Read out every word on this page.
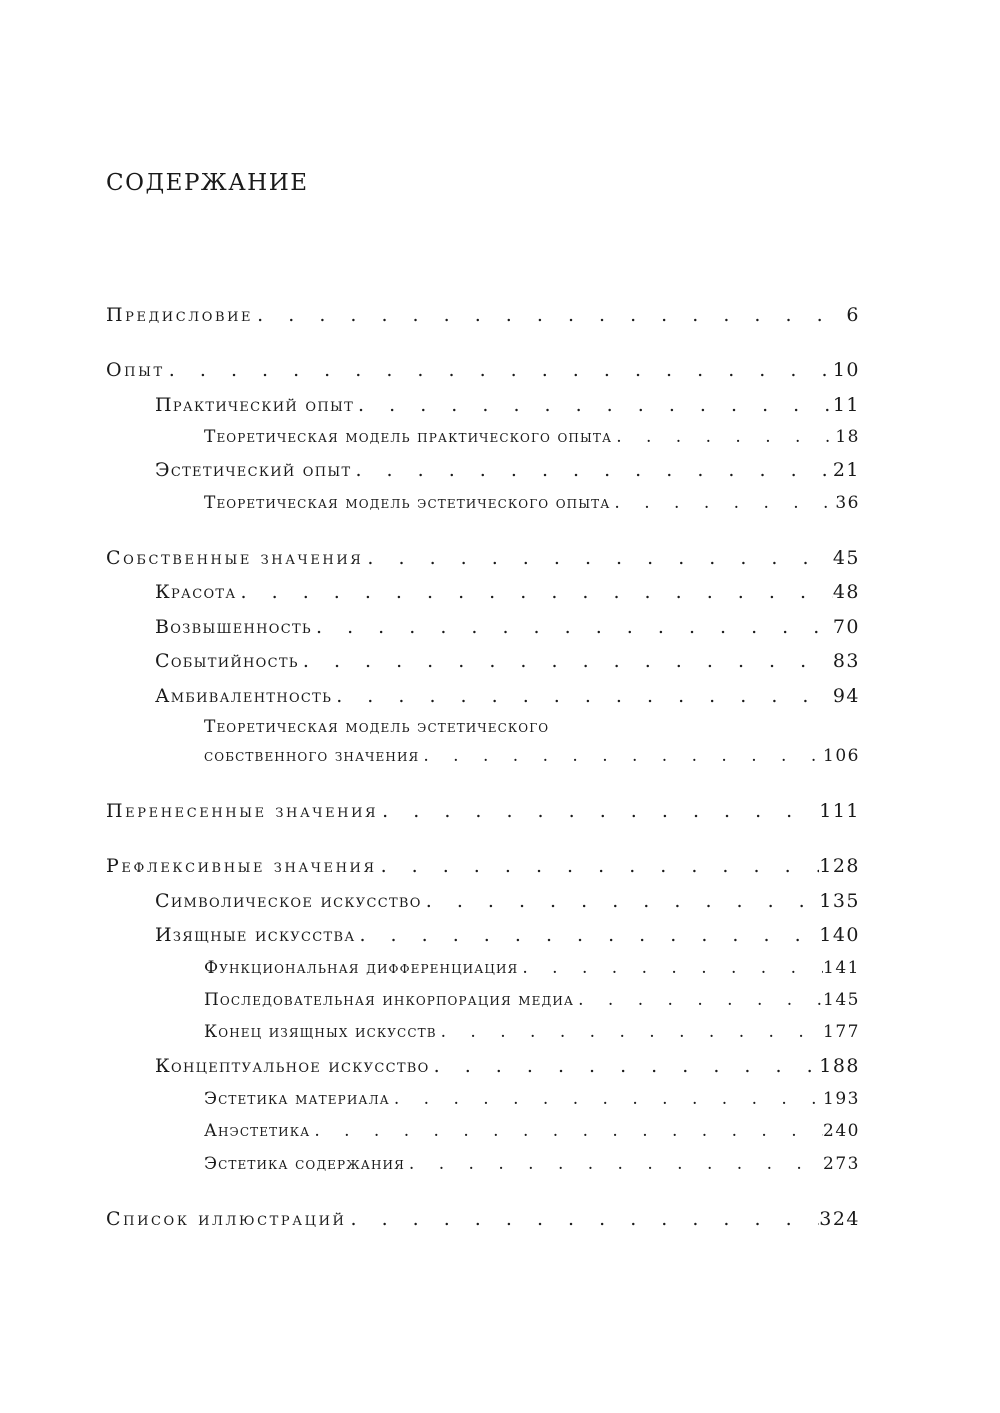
СОДЕРЖАНИЕ
Предисловие . . .	6
Опыт . . .	10
Практический опыт . . .	11
Теоретическая модель практического опыта . . .	18
Эстетический опыт . . .	21
Теоретическая модель эстетического опыта . . .	36
Собственные значения . . .	45
Красота . . .	48
Возвышенность . . .	70
Событийность . . .	83
Амбивалентность . . .	94
Теоретическая модель эстетического
собственного значения . . .	106
Перенесенные значения . . .	111
Рефлексивные значения . . .	128
Символическое искусство . . .	135
Изящные искусства . . .	140
Функциональная дифференциация . . .	141
Последовательная инкорпорация медиа . . .	145
Конец изящных искусств . . .	177
Концептуальное искусство . . .	188
Эстетика материала . . .	193
Анэстетика . . .	240
Эстетика содержания . . .	273
Список иллюстраций . . .	324
